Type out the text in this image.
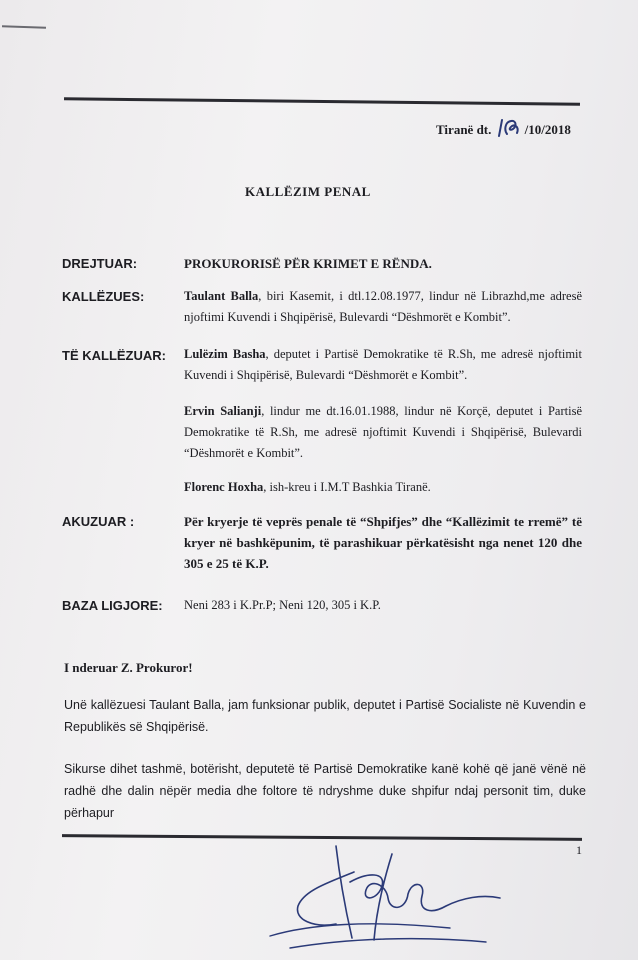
Tiranë dt.	/10/2018
KALLËZIM PENAL
DREJTUAR:	PROKURORISË PËR KRIMET E RËNDA.
KALLËZUES:	Taulant Balla, biri Kasemit, i dtl.12.08.1977, lindur në Librazhd,me adresë njoftimi Kuvendi i Shqipërisë, Bulevardi “Dëshmorët e Kombit”.
TË KALLËZUAR: Lulëzim Basha, deputet i Partisë Demokratike të R.Sh, me adresë njoftimit Kuvendi i Shqipërisë, Bulevardi “Dëshmorët e Kombit”.
Ervin Salianji, lindur me dt.16.01.1988, lindur në Korçë, deputet i Partisë Demokratike të R.Sh, me adresë njoftimit Kuvendi i Shqipërisë, Bulevardi “Dëshmorët e Kombit”.
Florenc Hoxha, ish-kreu i I.M.T Bashkia Tiranë.
AKUZUAR :	Për kryerje të veprës penale të “Shpifjes” dhe “Kallëzimit te rremë” të kryer në bashkëpunim, të parashikuar përkatësisht nga nenet 120 dhe 305 e 25 të K.P.
BAZA LIGJORE: Neni 283 i K.Pr.P; Neni 120, 305 i K.P.
I nderuar Z. Prokuror!
Unë kallëzuesi Taulant Balla, jam funksionar publik, deputet i Partisë Socialiste në Kuvendin e Republikës së Shqipërisë.
Sikurse dihet tashmë, botërisht, deputetë të Partisë Demokratike kanë kohë që janë vënë në radhë dhe dalin nëpër media dhe foltore të ndryshme duke shpifur ndaj personit tim, duke përhapur
1
